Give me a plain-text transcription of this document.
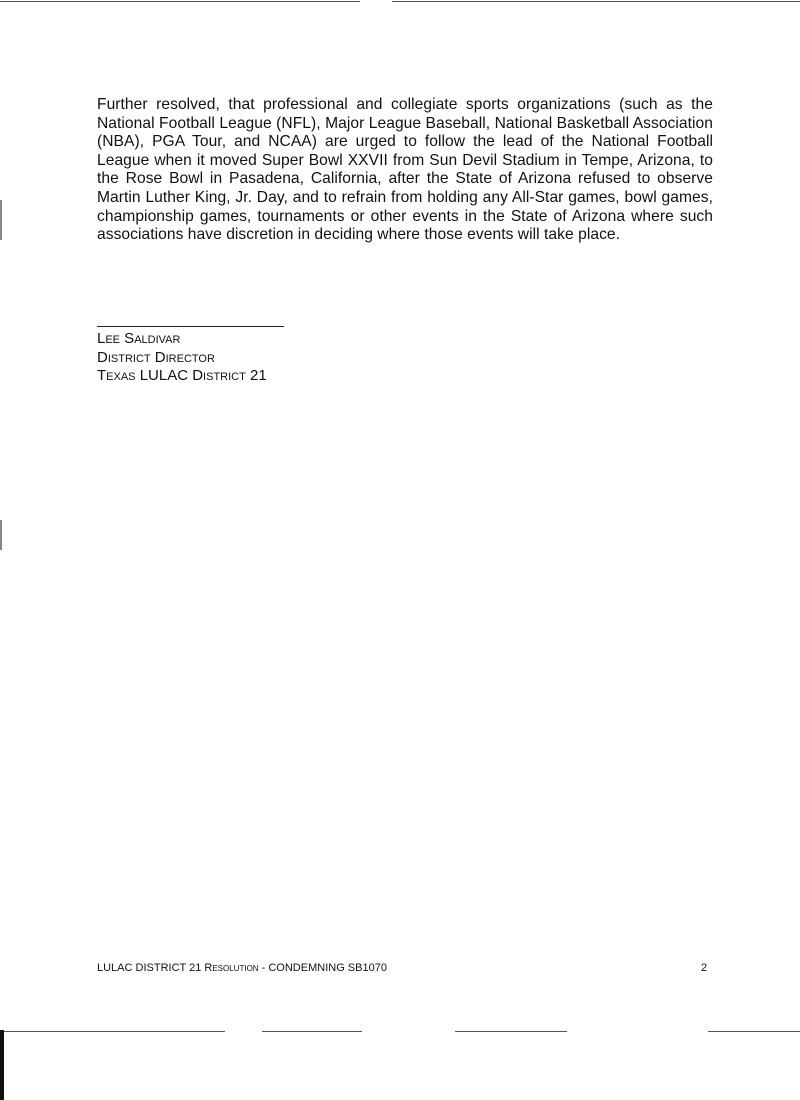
Further resolved, that professional and collegiate sports organizations (such as the National Football League (NFL), Major League Baseball, National Basketball Association (NBA), PGA Tour, and NCAA) are urged to follow the lead of the National Football League when it moved Super Bowl XXVII from Sun Devil Stadium in Tempe, Arizona, to the Rose Bowl in Pasadena, California, after the State of Arizona refused to observe Martin Luther King, Jr. Day, and to refrain from holding any All-Star games, bowl games, championship games, tournaments or other events in the State of Arizona where such associations have discretion in deciding where those events will take place.

Lee Saldivar
District Director
Texas LULAC District 21
LULAC DISTRICT 21 Resolution - CONDEMNING SB1070	2
